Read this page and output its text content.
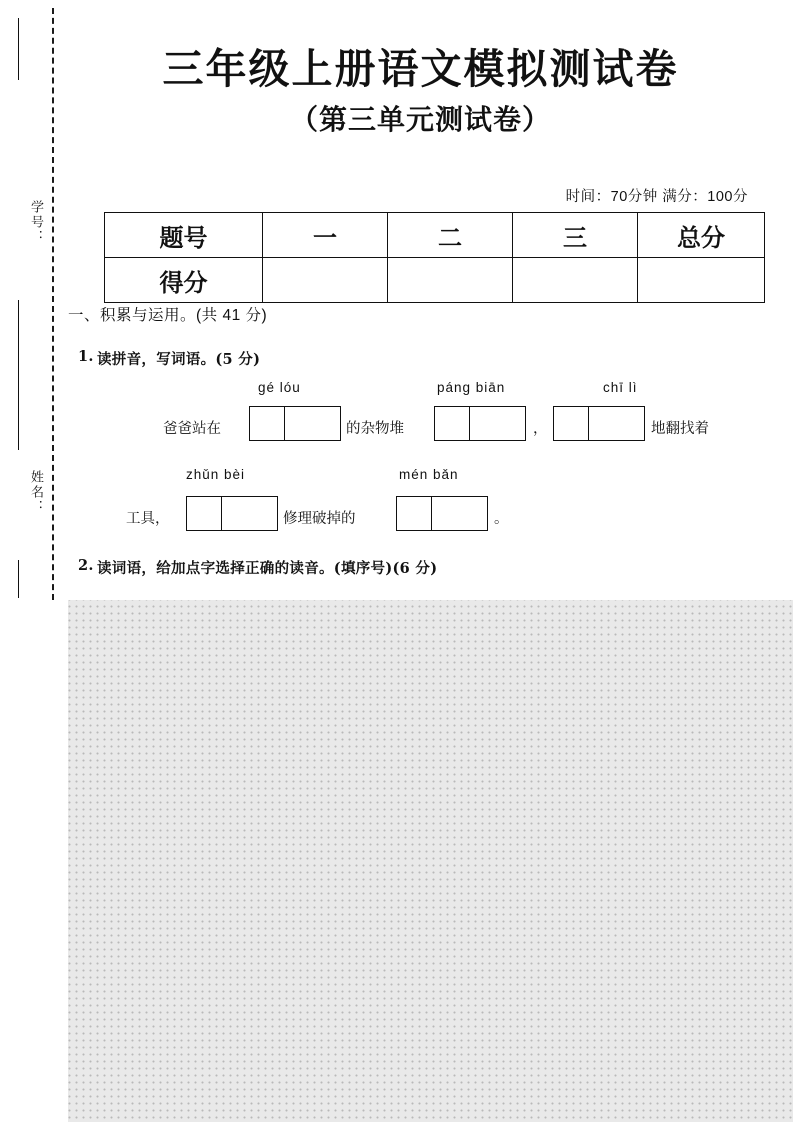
学号：
姓名：
三年级上册语文模拟测试卷
（第三单元测试卷）
时间：70分钟 满分：100分
题号	一	二	三	总分
得分				
一、积累与运用。(共 41 分)
1. 读拼音，写词语。(5 分)
gé lóu	páng biān	chī lì
爸爸站在	的杂物堆	，	地翻找着
zhǔn bèi	mén bǎn
工具，	修理破掉的	。
2. 读词语，给加点字选择正确的读音。(填序号)(6 分)
